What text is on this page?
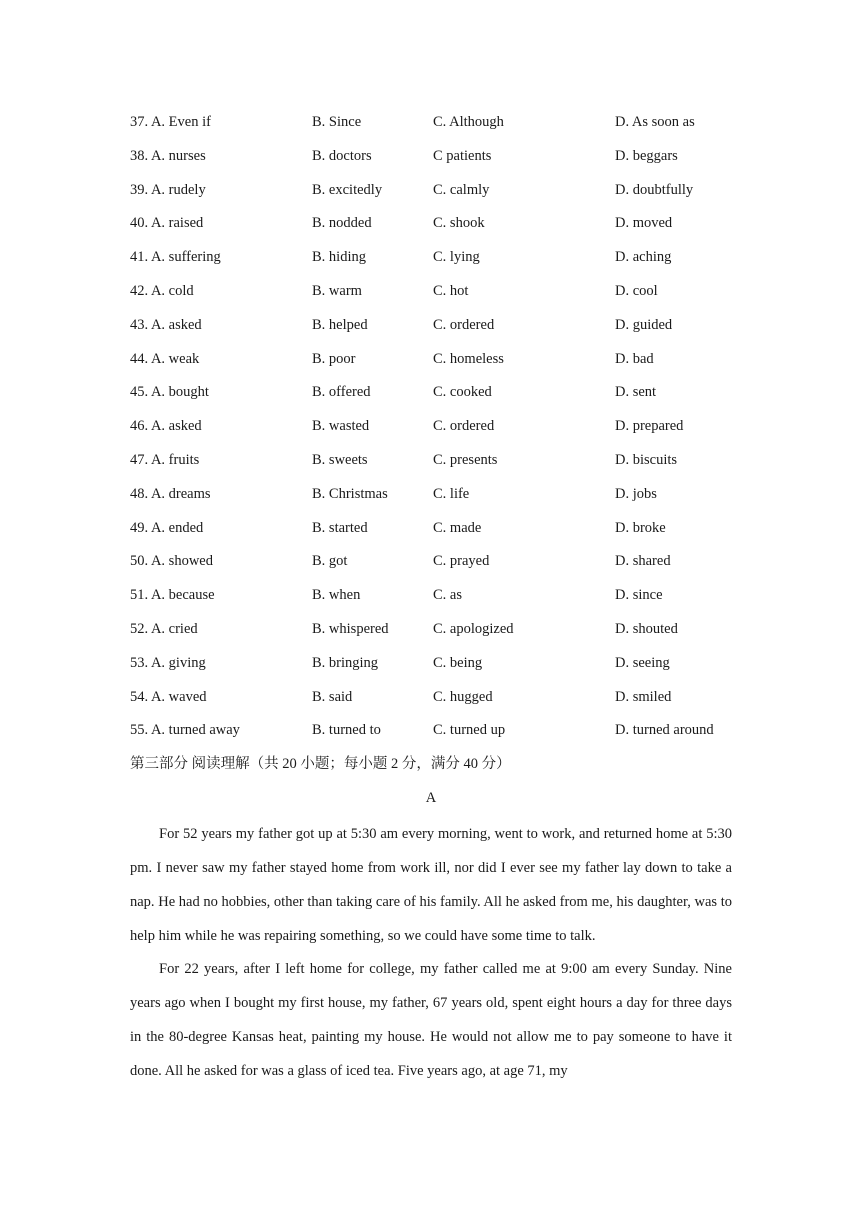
37. A. Even if	B. Since	C. Although	D. As soon as
38. A. nurses	B. doctors	C patients	D. beggars
39. A. rudely	B. excitedly	C. calmly	D. doubtfully
40. A. raised	B. nodded	C. shook	D. moved
41. A. suffering	B. hiding	C. lying	D. aching
42. A. cold	B. warm	C. hot	D. cool
43. A. asked	B. helped	C. ordered	D. guided
44. A. weak	B. poor	C. homeless	D. bad
45. A. bought	B. offered	C. cooked	D. sent
46. A. asked	B. wasted	C. ordered	D. prepared
47. A. fruits	B. sweets	C. presents	D. biscuits
48. A. dreams	B. Christmas	C. life	D. jobs
49. A. ended	B. started	C. made	D. broke
50. A. showed	B. got	C. prayed	D. shared
51. A. because	B. when	C. as	D. since
52. A. cried	B. whispered	C. apologized	D. shouted
53. A. giving	B. bringing	C. being	D. seeing
54. A. waved	B. said	C. hugged	D. smiled
55. A. turned away	B. turned to	C. turned up	D. turned around
第三部分 阅读理解（共 20 小题；每小题 2 分，满分 40 分）
A

For 52 years my father got up at 5:30 am every morning, went to work, and returned home at 5:30 pm. I never saw my father stayed home from work ill, nor did I ever see my father lay down to take a nap. He had no hobbies, other than taking care of his family. All he asked from me, his daughter, was to help him while he was repairing something, so we could have some time to talk.

For 22 years, after I left home for college, my father called me at 9:00 am every Sunday. Nine years ago when I bought my first house, my father, 67 years old, spent eight hours a day for three days in the 80-degree Kansas heat, painting my house. He would not allow me to pay someone to have it done. All he asked for was a glass of iced tea. Five years ago, at age 71, my
